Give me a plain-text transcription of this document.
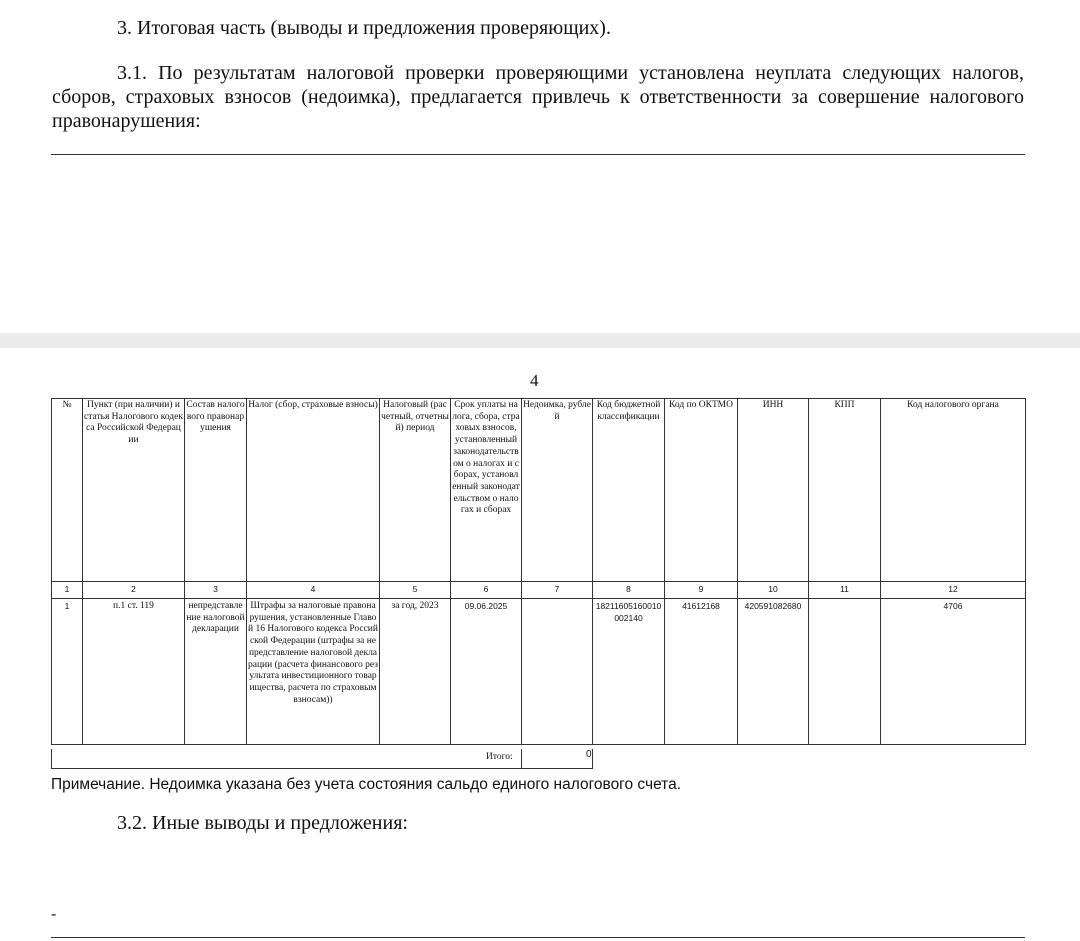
3. Итоговая часть (выводы и предложения проверяющих).
3.1. По результатам налоговой проверки проверяющими установлена неуплата следующих налогов, сборов, страховых взносов (недоимка), предлагается привлечь к ответственности за совершение налогового правонарушения:
4
№	Пункт (при наличии) и статья Налогового кодекса Российской Федерации	Состав налогового правонарушения	Налог (сбор, страховые взносы)	Налоговый (расчетный, отчетный) период	Срок уплаты налога, сбора, страховых взносов, установленный законодательством о налогах и сборах, установленный законодательством о налогах и сборах	Недоимка, рублей	Код бюджетной классификации	Код по ОКТМО	ИНН	КПП	Код налогового органа
1	2	3	4	5	6	7	8	9	10	11	12
1	п.1 ст. 119	непредставление налоговой декларации	Штрафы за налоговые правонарушения, установленные Главой 16 Налогового кодекса Российской Федерации (штрафы за непредставление налоговой декларации (расчета финансового результата инвестиционного товарищества, расчета по страховым взносам))	за год, 2023	09.06.2025		18211605160010002140	41612168	420591082680		4706
Итого:	0
Примечание. Недоимка указана без учета состояния сальдо единого налогового счета.
3.2. Иные выводы и предложения:
-
